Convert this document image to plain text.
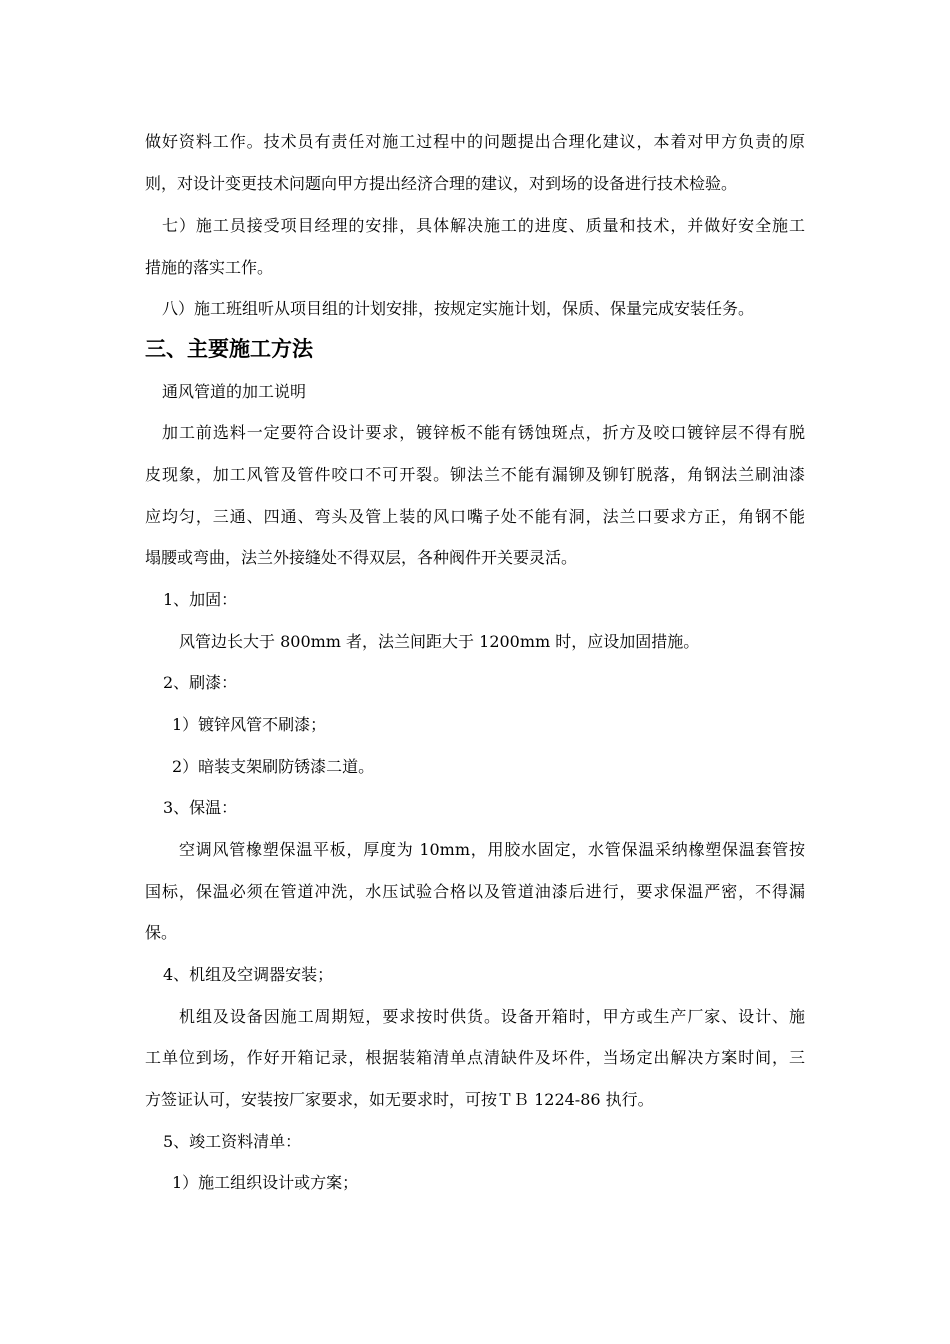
做好资料工作。技术员有责任对施工过程中的问题提出合理化建议，本着对甲方负责的原
则，对设计变更技术问题向甲方提出经济合理的建议，对到场的设备进行技术检验。
七）施工员接受项目经理的安排，具体解决施工的进度、质量和技术，并做好安全施工
措施的落实工作。
八）施工班组听从项目组的计划安排，按规定实施计划，保质、保量完成安装任务。
三、主要施工方法
通风管道的加工说明
加工前选料一定要符合设计要求，镀锌板不能有锈蚀斑点，折方及咬口镀锌层不得有脱
皮现象，加工风管及管件咬口不可开裂。铆法兰不能有漏铆及铆钉脱落，角钢法兰刷油漆
应均匀，三通、四通、弯头及管上装的风口嘴子处不能有洞，法兰口要求方正，角钢不能
塌腰或弯曲，法兰外接缝处不得双层，各种阀件开关要灵活。
1、加固：
风管边长大于 800mm 者，法兰间距大于 1200mm 时，应设加固措施。
2、刷漆：
1）镀锌风管不刷漆；
2）暗装支架刷防锈漆二道。
3、保温：
空调风管橡塑保温平板，厚度为 10mm，用胶水固定，水管保温采纳橡塑保温套管按
国标，保温必须在管道冲洗，水压试验合格以及管道油漆后进行，要求保温严密，不得漏
保。
4、机组及空调器安装；
机组及设备因施工周期短，要求按时供货。设备开箱时，甲方或生产厂家、设计、施
工单位到场，作好开箱记录，根据装箱清单点清缺件及坏件，当场定出解决方案时间，三
方签证认可，安装按厂家要求，如无要求时，可按ＴＢ 1224-86 执行。
5、竣工资料清单：
1）施工组织设计或方案；
